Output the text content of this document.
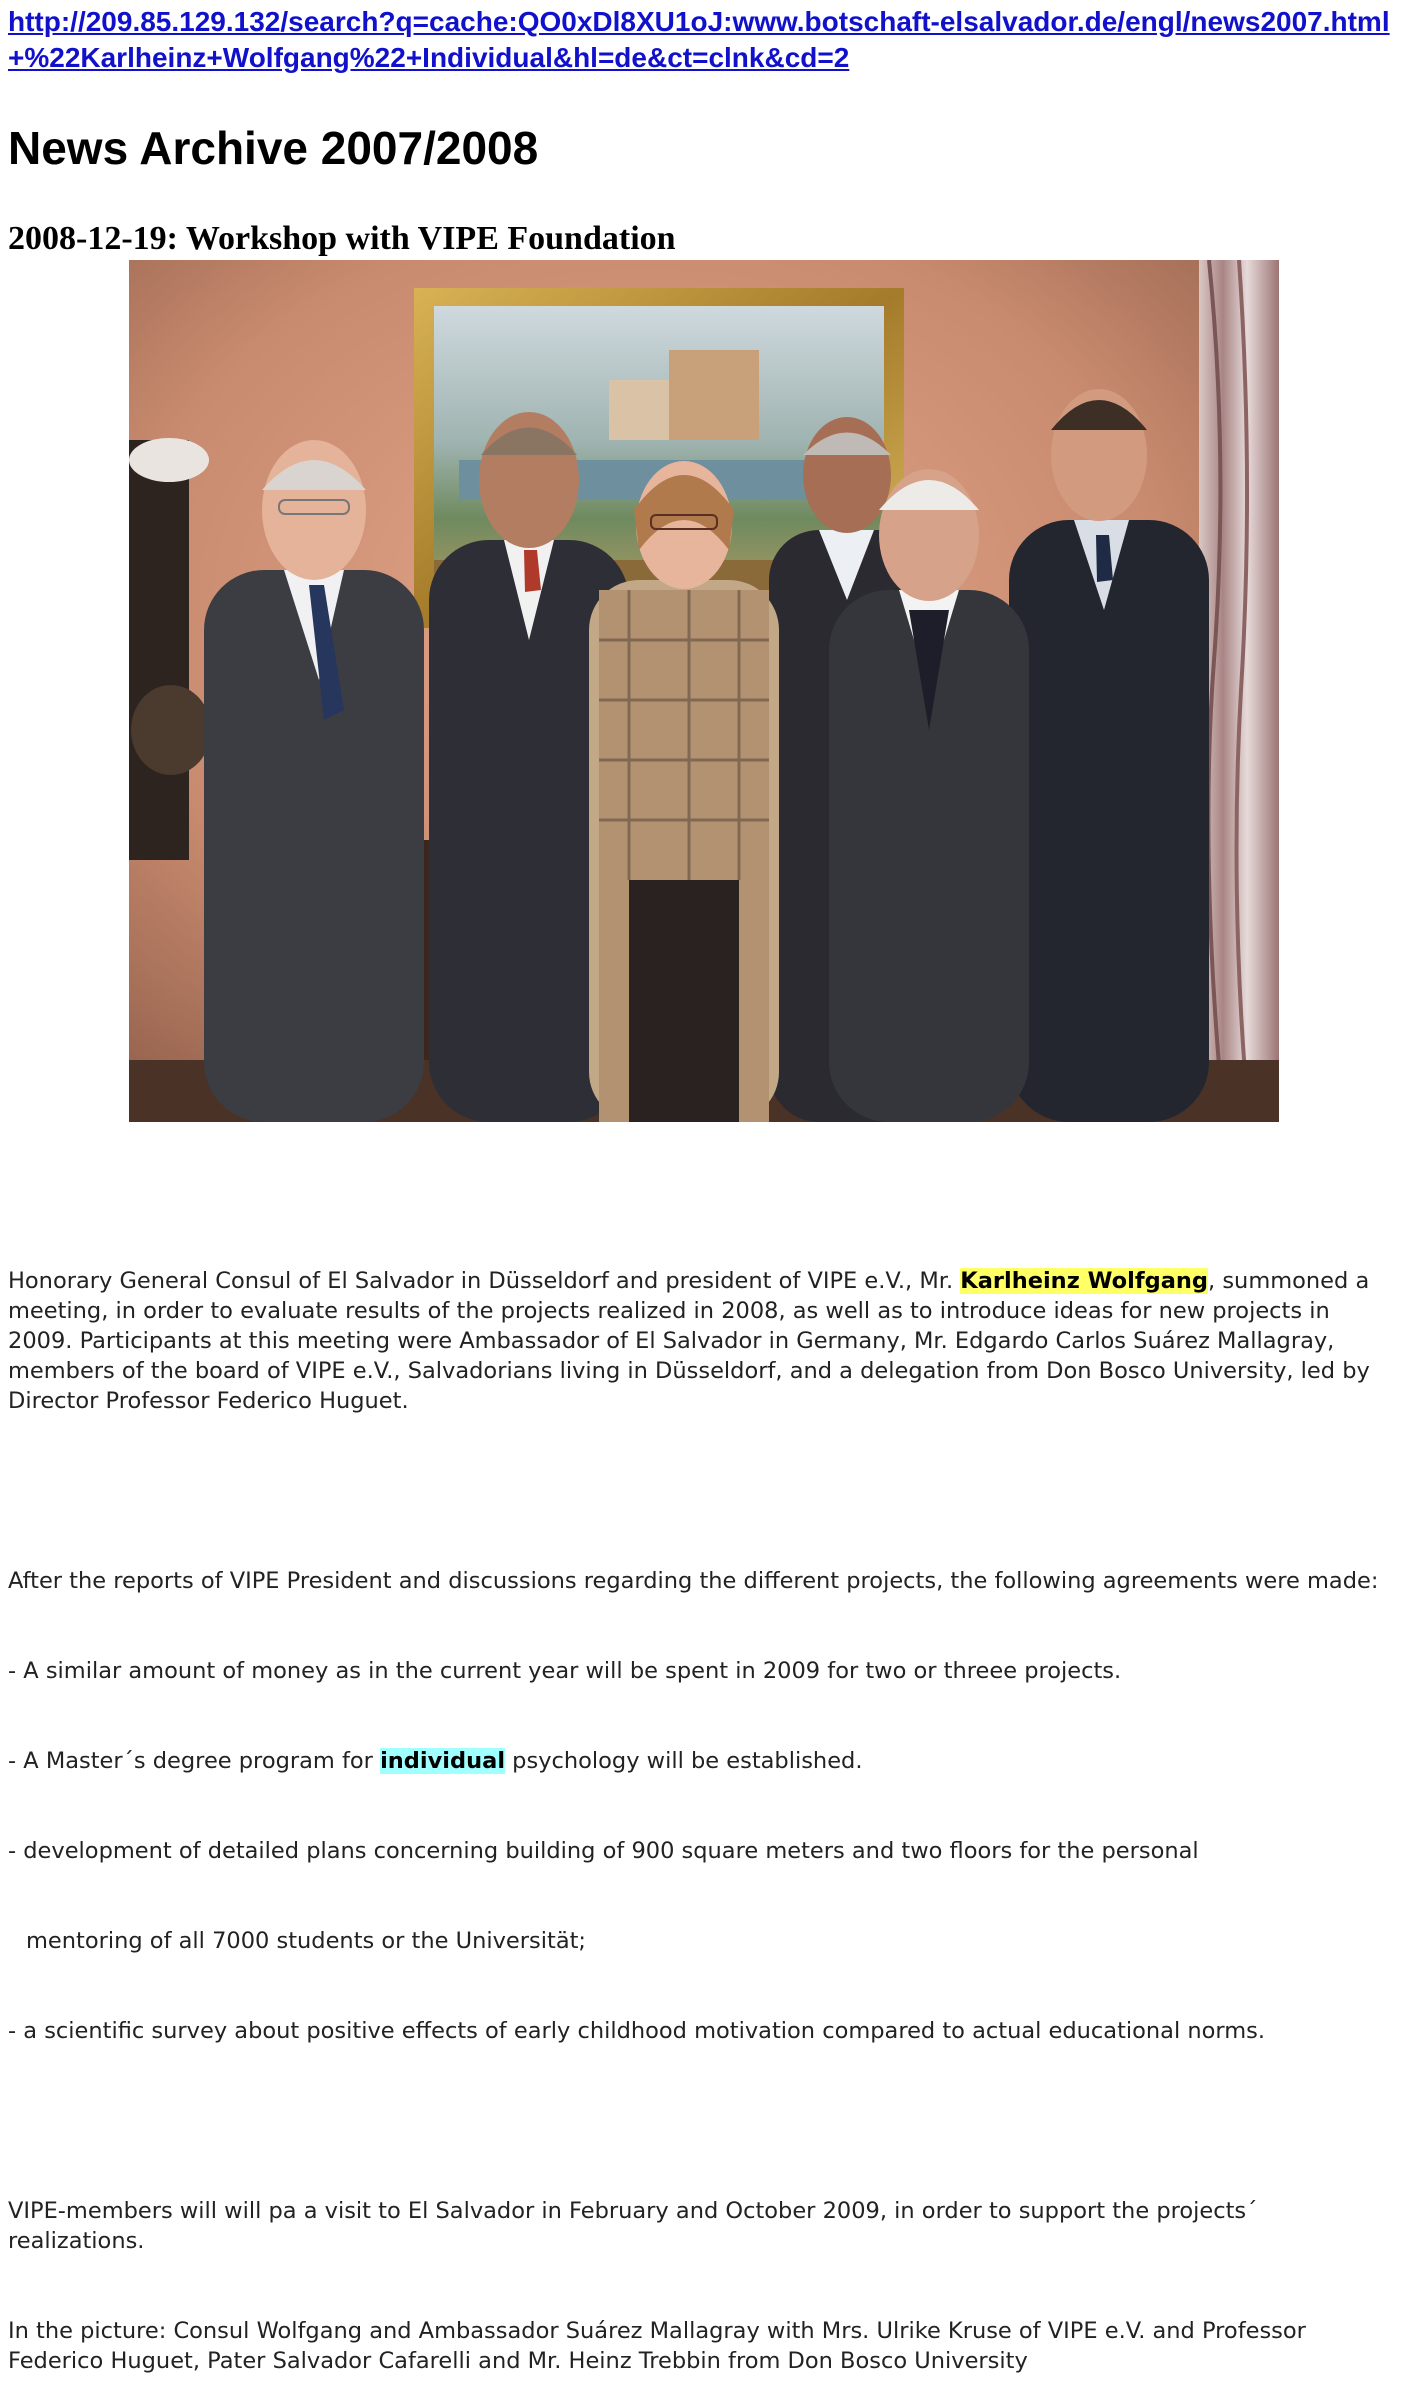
http://209.85.129.132/search?q=cache:QO0xDl8XU1oJ:www.botschaft-elsalvador.de/engl/news2007.html+%22Karlheinz+Wolfgang%22+Individual&hl=de&ct=clnk&cd=2
News Archive 2007/2008
2008-12-19: Workshop with VIPE Foundation

Honorary General Consul of El Salvador in Düsseldorf and president of VIPE e.V., Mr. Karlheinz Wolfgang, summoned a meeting, in order to evaluate results of the projects realized in 2008, as well as to introduce ideas for new projects in 2009. Participants at this meeting were Ambassador of El Salvador in Germany, Mr. Edgardo Carlos Suárez Mallagray, members of the board of VIPE e.V., Salvadorians living in Düsseldorf, and a delegation from Don Bosco University, led by Director Professor Federico Huguet.

After the reports of VIPE President and discussions regarding the different projects, the following agreements were made:

- A similar amount of money as in the current year will be spent in 2009 for two or threee projects.

- A Master´s degree program for individual psychology will be established.

- development of detailed plans concerning building of 900 square meters and two floors for the personal

mentoring of all 7000 students or the Universität;

- a scientific survey about positive effects of early childhood motivation compared to actual educational norms.

VIPE-members will will pa a visit to El Salvador in February and October 2009, in order to support the projects´ realizations.

In the picture: Consul Wolfgang and Ambassador Suárez Mallagray with Mrs. Ulrike Kruse of VIPE e.V. and Professor Federico Huguet, Pater Salvador Cafarelli and Mr. Heinz Trebbin from Don Bosco University
